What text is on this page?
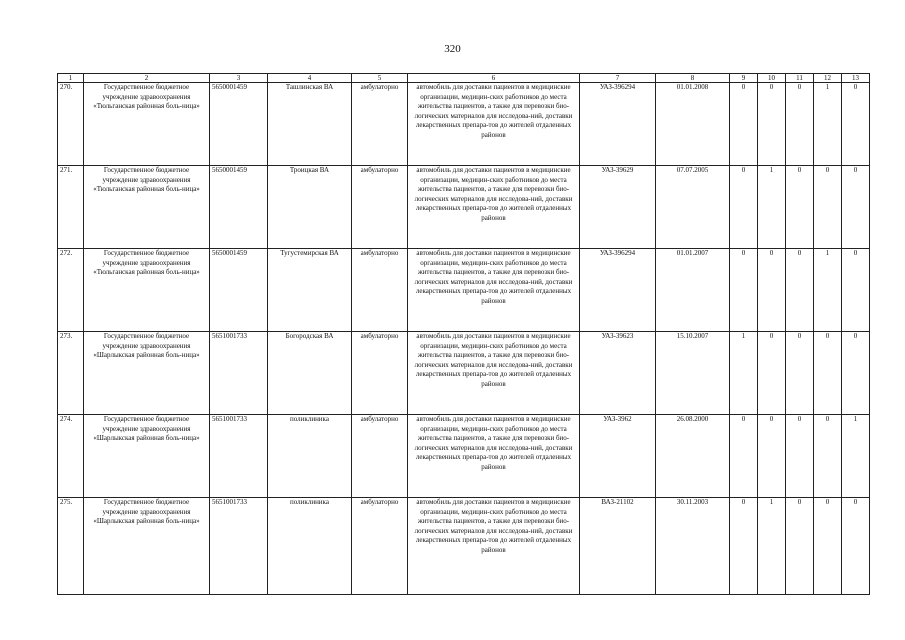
320
1	2	3	4	5	6	7	8	9	10	11	12	13
270.	Государственное бюджетное учреждение здравоохранения «Тюльганская районная боль-ница»	5650001459	Ташлинская ВА	амбулаторно	автомобиль для доставки пациентов в медицинские организации, медицин-ских работников до места жительства пациентов, а также для перевозки био-логических материалов для исследова-ний, доставки лекарственных препара-тов до жителей отдаленных районов	УАЗ-396294	01.01.2008	0	0	0	1	0
271.	Государственное бюджетное учреждение здравоохранения «Тюльганская районная боль-ница»	5650001459	Троицкая ВА	амбулаторно	автомобиль для доставки пациентов в медицинские организации, медицин-ских работников до места жительства пациентов, а также для перевозки био-логических материалов для исследова-ний, доставки лекарственных препара-тов до жителей отдаленных районов	УАЗ-39629	07.07.2005	0	1	0	0	0
272.	Государственное бюджетное учреждение здравоохранения «Тюльганская районная боль-ница»	5650001459	Тугустемирская ВА	амбулаторно	автомобиль для доставки пациентов в медицинские организации, медицин-ских работников до места жительства пациентов, а также для перевозки био-логических материалов для исследова-ний, доставки лекарственных препара-тов до жителей отдаленных районов	УАЗ-396294	01.01.2007	0	0	0	1	0
273.	Государственное бюджетное учреждение здравоохранения «Шарлыкская районная боль-ница»	5651001733	Богородская ВА	амбулаторно	автомобиль для доставки пациентов в медицинские организации, медицин-ских работников до места жительства пациентов, а также для перевозки био-логических материалов для исследова-ний, доставки лекарственных препара-тов до жителей отдаленных районов	УАЗ-39623	15.10.2007	1	0	0	0	0
274.	Государственное бюджетное учреждение здравоохранения «Шарлыкская районная боль-ница»	5651001733	поликлиника	амбулаторно	автомобиль для доставки пациентов в медицинские организации, медицин-ских работников до места жительства пациентов, а также для перевозки био-логических материалов для исследова-ний, доставки лекарственных препара-тов до жителей отдаленных районов	УАЗ-3962	26.08.2000	0	0	0	0	1
275.	Государственное бюджетное учреждение здравоохранения «Шарлыкская районная боль-ница»	5651001733	поликлиника	амбулаторно	автомобиль для доставки пациентов в медицинские организации, медицин-ских работников до места жительства пациентов, а также для перевозки био-логических материалов для исследова-ний, доставки лекарственных препара-тов до жителей отдаленных районов	ВАЗ-21102	30.11.2003	0	1	0	0	0
